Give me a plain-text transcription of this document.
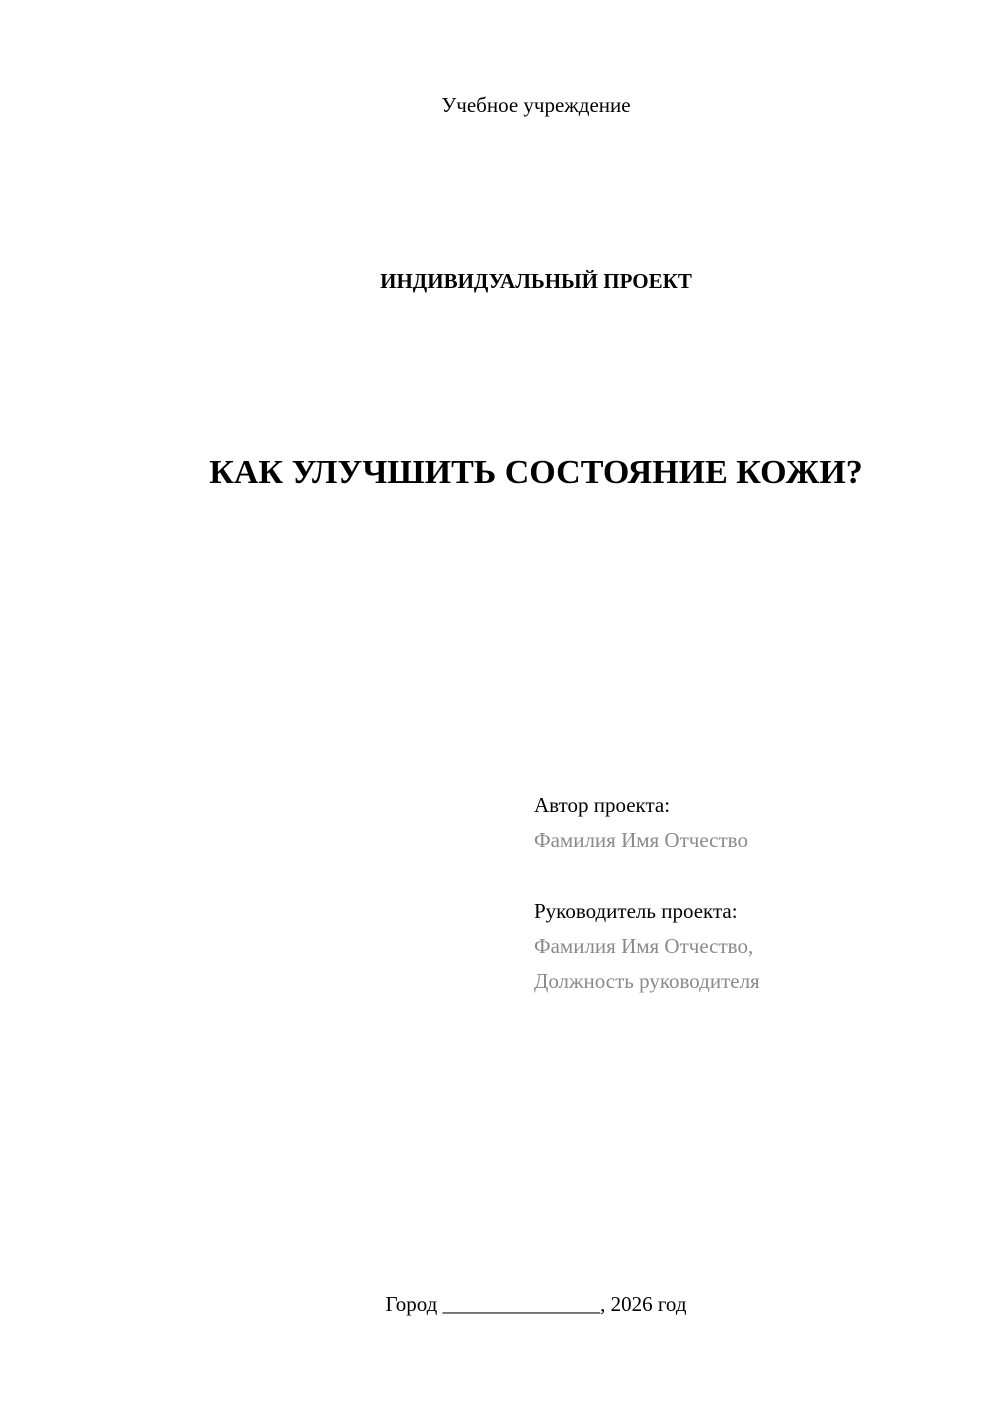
Учебное учреждение
ИНДИВИДУАЛЬНЫЙ ПРОЕКТ
КАК УЛУЧШИТЬ СОСТОЯНИЕ КОЖИ?
Автор проекта:
Фамилия Имя Отчество
Руководитель проекта:
Фамилия Имя Отчество,
Должность руководителя
Город _______________, 2026 год
